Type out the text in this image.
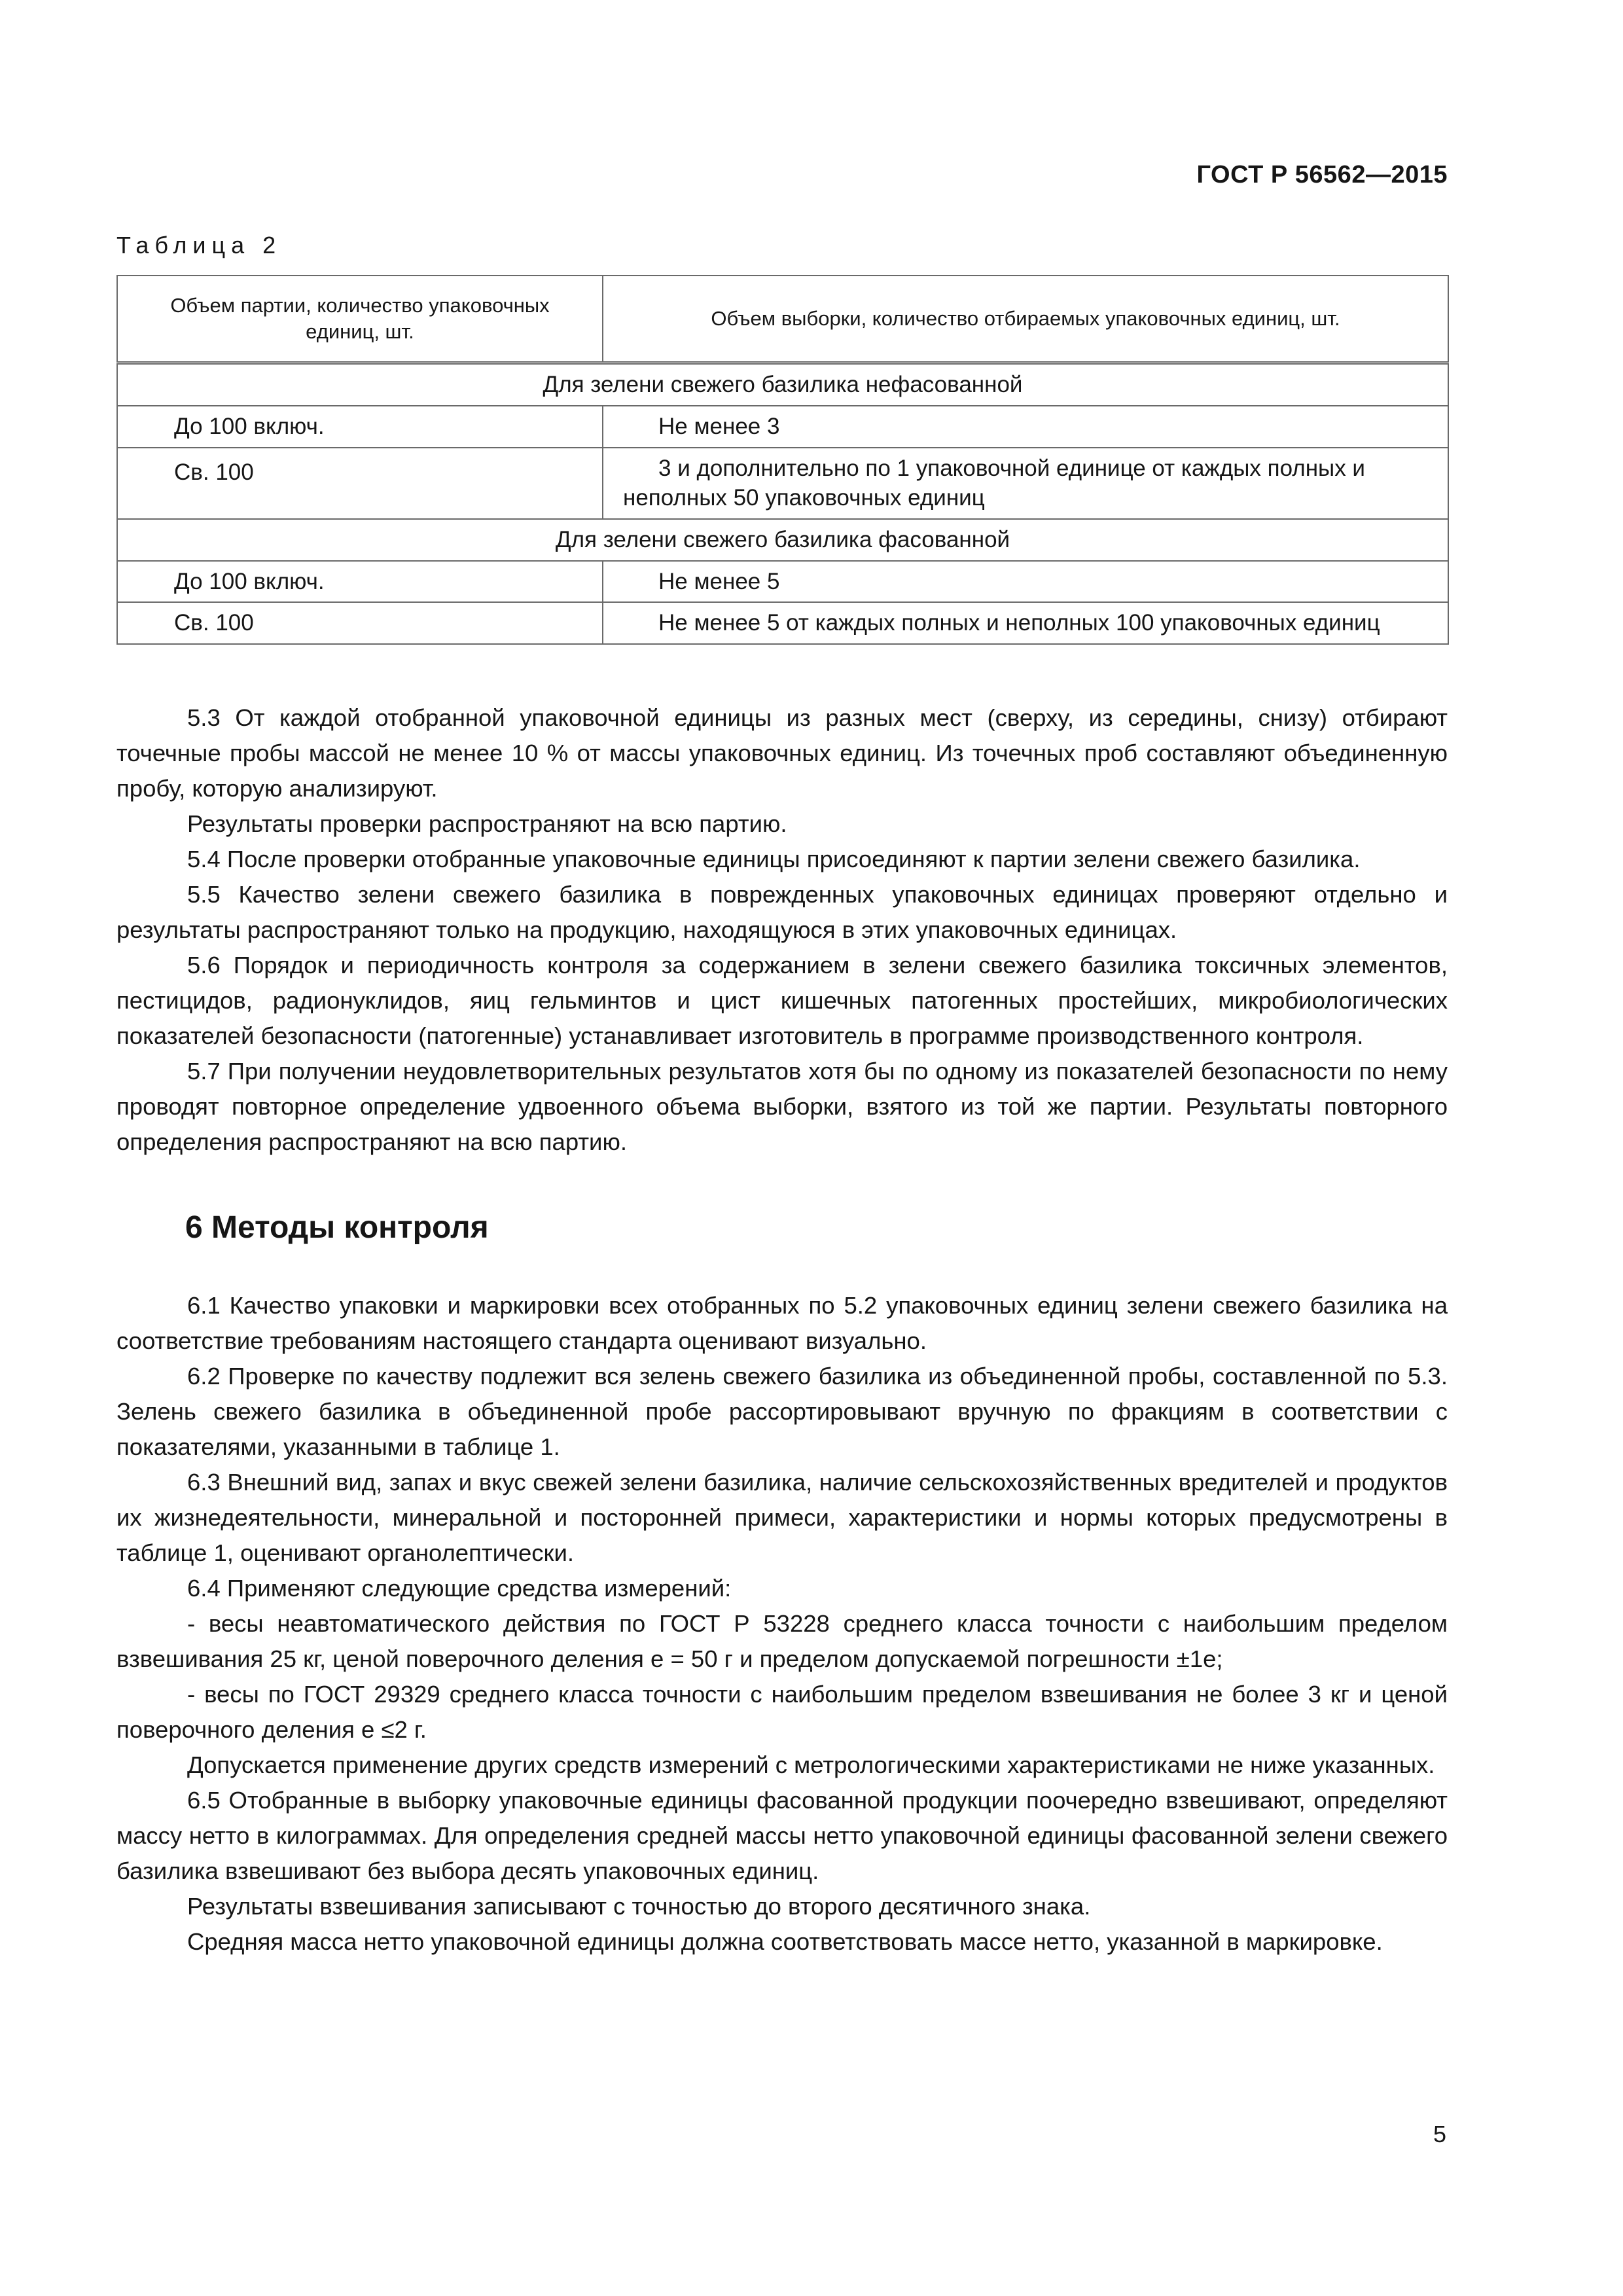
ГОСТ Р 56562—2015
Таблица 2
Объем партии, количество упаковочных единиц, шт.	Объем выборки, количество отбираемых упаковочных единиц, шт.
Для зелени свежего базилика нефасованной	
До 100 включ.	Не менее 3
Св. 100	3 и дополнительно по 1 упаковочной единице от каждых полных и неполных 50 упаковочных единиц
Для зелени свежего базилика фасованной	
До 100 включ.	Не менее 5
Св. 100	Не менее 5 от каждых полных и неполных 100 упаковочных единиц

5.3 От каждой отобранной упаковочной единицы из разных мест (сверху, из середины, снизу) отбирают точечные пробы массой не менее 10 % от массы упаковочных единиц. Из точечных проб составляют объединенную пробу, которую анализируют.

Результаты проверки распространяют на всю партию.

5.4 После проверки отобранные упаковочные единицы присоединяют к партии зелени свежего базилика.

5.5 Качество зелени свежего базилика в поврежденных упаковочных единицах проверяют отдельно и результаты распространяют только на продукцию, находящуюся в этих упаковочных единицах.

5.6 Порядок и периодичность контроля за содержанием в зелени свежего базилика токсичных элементов, пестицидов, радионуклидов, яиц гельминтов и цист кишечных патогенных простейших, микробиологических показателей безопасности (патогенные) устанавливает изготовитель в программе производственного контроля.

5.7 При получении неудовлетворительных результатов хотя бы по одному из показателей безопасности по нему проводят повторное определение удвоенного объема выборки, взятого из той же партии. Результаты повторного определения распространяют на всю партию.

6 Методы контроля

6.1 Качество упаковки и маркировки всех отобранных по 5.2 упаковочных единиц зелени свежего базилика на соответствие требованиям настоящего стандарта оценивают визуально.

6.2 Проверке по качеству подлежит вся зелень свежего базилика из объединенной пробы, составленной по 5.3. Зелень свежего базилика в объединенной пробе рассортировывают вручную по фракциям в соответствии с показателями, указанными в таблице 1.

6.3 Внешний вид, запах и вкус свежей зелени базилика, наличие сельскохозяйственных вредителей и продуктов их жизнедеятельности, минеральной и посторонней примеси, характеристики и нормы которых предусмотрены в таблице 1, оценивают органолептически.

6.4 Применяют следующие средства измерений:

- весы неавтоматического действия по ГОСТ Р 53228 среднего класса точности с наибольшим пределом взвешивания 25 кг, ценой поверочного деления е = 50 г и пределом допускаемой погрешности ±1е;

- весы по ГОСТ 29329 среднего класса точности с наибольшим пределом взвешивания не более 3 кг и ценой поверочного деления е ≤2 г.

Допускается применение других средств измерений с метрологическими характеристиками не ниже указанных.

6.5 Отобранные в выборку упаковочные единицы фасованной продукции поочередно взвешивают, определяют массу нетто в килограммах. Для определения средней массы нетто упаковочной единицы фасованной зелени свежего базилика взвешивают без выбора десять упаковочных единиц.

Результаты взвешивания записывают с точностью до второго десятичного знака.

Средняя масса нетто упаковочной единицы должна соответствовать массе нетто, указанной в маркировке.

5
